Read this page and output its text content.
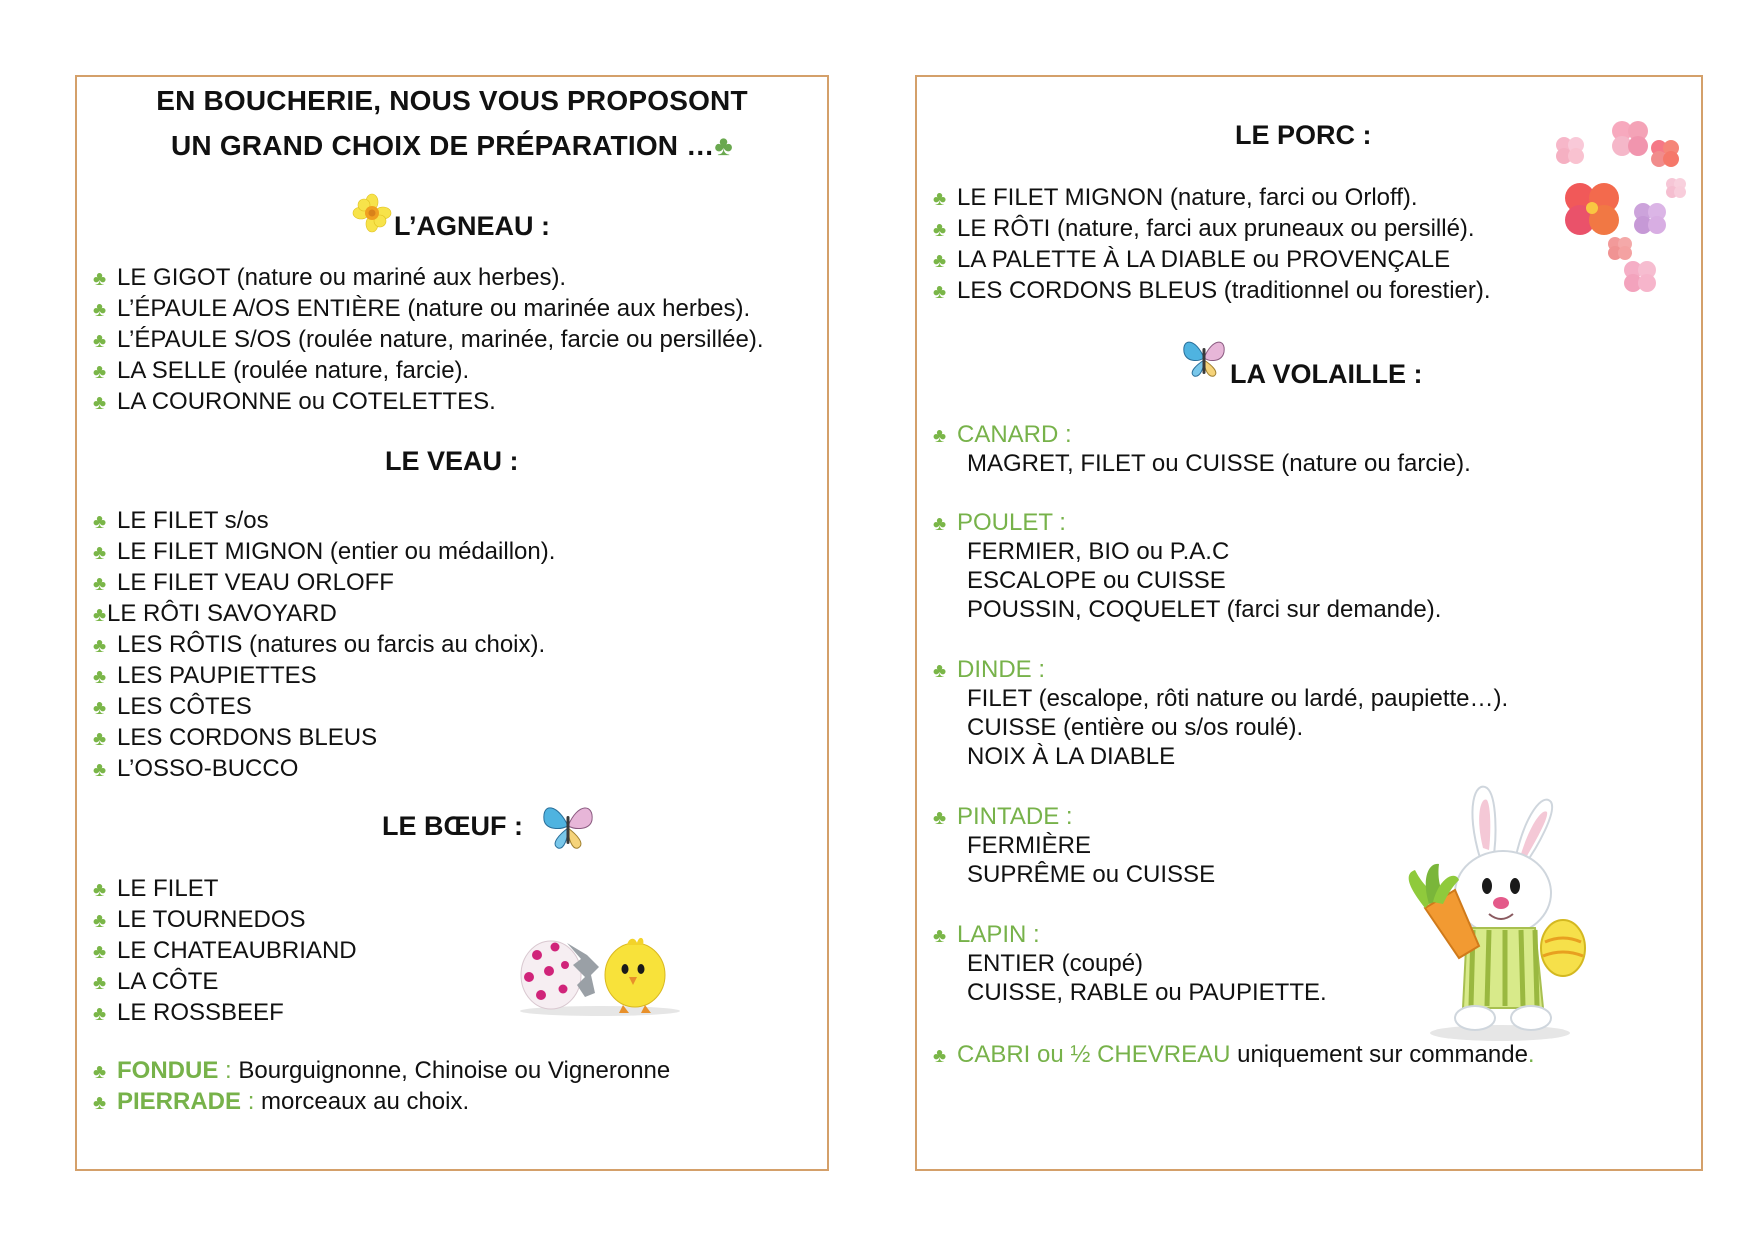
EN BOUCHERIE, NOUS VOUS PROPOSONT
UN GRAND CHOIX DE PRÉPARATION …♣
L’AGNEAU :
♣ LE GIGOT (nature ou mariné aux herbes).
♣ L’ÉPAULE A/OS ENTIÈRE (nature ou marinée aux herbes).
♣ L’ÉPAULE S/OS (roulée nature, marinée, farcie ou persillée).
♣ LA SELLE (roulée nature, farcie).
♣ LA COURONNE ou COTELETTES.
LE VEAU :
♣ LE FILET s/os
♣ LE FILET MIGNON (entier ou médaillon).
♣ LE FILET VEAU ORLOFF
♣LE RÔTI SAVOYARD
♣ LES RÔTIS (natures ou farcis au choix).
♣ LES PAUPIETTES
♣ LES CÔTES
♣ LES CORDONS BLEUS
♣ L’OSSO-BUCCO
LE BŒUF :
♣ LE FILET
♣ LE TOURNEDOS
♣ LE CHATEAUBRIAND
♣ LA CÔTE
♣ LE ROSSBEEF
♣ FONDUE : Bourguignonne, Chinoise ou Vigneronne
♣ PIERRADE : morceaux au choix.
LE PORC :
♣ LE FILET MIGNON (nature, farci ou Orloff).
♣ LE RÔTI (nature, farci aux pruneaux ou persillé).
♣ LA PALETTE À LA DIABLE ou PROVENÇALE
♣ LES CORDONS BLEUS (traditionnel ou forestier).
LA VOLAILLE :
♣ CANARD :
MAGRET, FILET ou CUISSE (nature ou farcie).
♣ POULET :
FERMIER, BIO ou P.A.C
ESCALOPE ou CUISSE
POUSSIN, COQUELET (farci sur demande).
♣ DINDE :
FILET (escalope, rôti nature ou lardé, paupiette…).
CUISSE (entière ou s/os roulé).
NOIX À LA DIABLE
♣ PINTADE :
FERMIÈRE
SUPRÊME ou CUISSE
♣ LAPIN :
ENTIER (coupé)
CUISSE, RABLE ou PAUPIETTE.
♣ CABRI ou ½ CHEVREAU uniquement sur commande.
